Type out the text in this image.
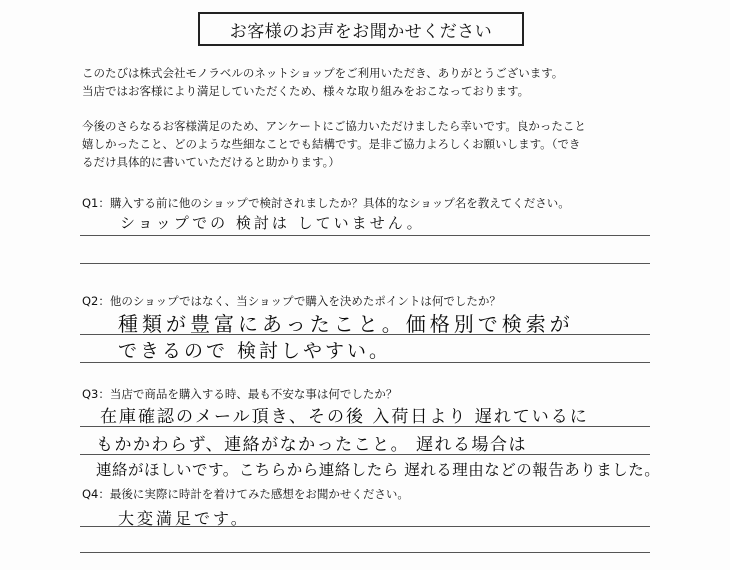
お客様のお声をお聞かせください

このたびは株式会社モノラベルのネットショップをご利用いただき、ありがとうございます。

当店ではお客様により満足していただくため、様々な取り組みをおこなっております。

今後のさらなるお客様満足のため、アンケートにご協力いただけましたら幸いです。良かったこと

嬉しかったこと、どのような些細なことでも結構です。是非ご協力よろしくお願いします。（でき

るだけ具体的に書いていただけると助かります。）

Q1：購入する前に他のショップで検討されましたか？具体的なショップ名を教えてください。
ショップでの 検討は していません。
Q2：他のショップではなく、当ショップで購入を決めたポイントは何でしたか？
種類が豊富にあったこと。価格別で検索が
できるので 検討しやすい。
Q3：当店で商品を購入する時、最も不安な事は何でしたか？
在庫確認のメール頂き、その後 入荷日より 遅れているに
もかかわらず、連絡がなかったこと。 遅れる場合は
連絡がほしいです。こちらから連絡したら 遅れる理由などの報告ありました。
Q4：最後に実際に時計を着けてみた感想をお聞かせください。
大変満足です。
